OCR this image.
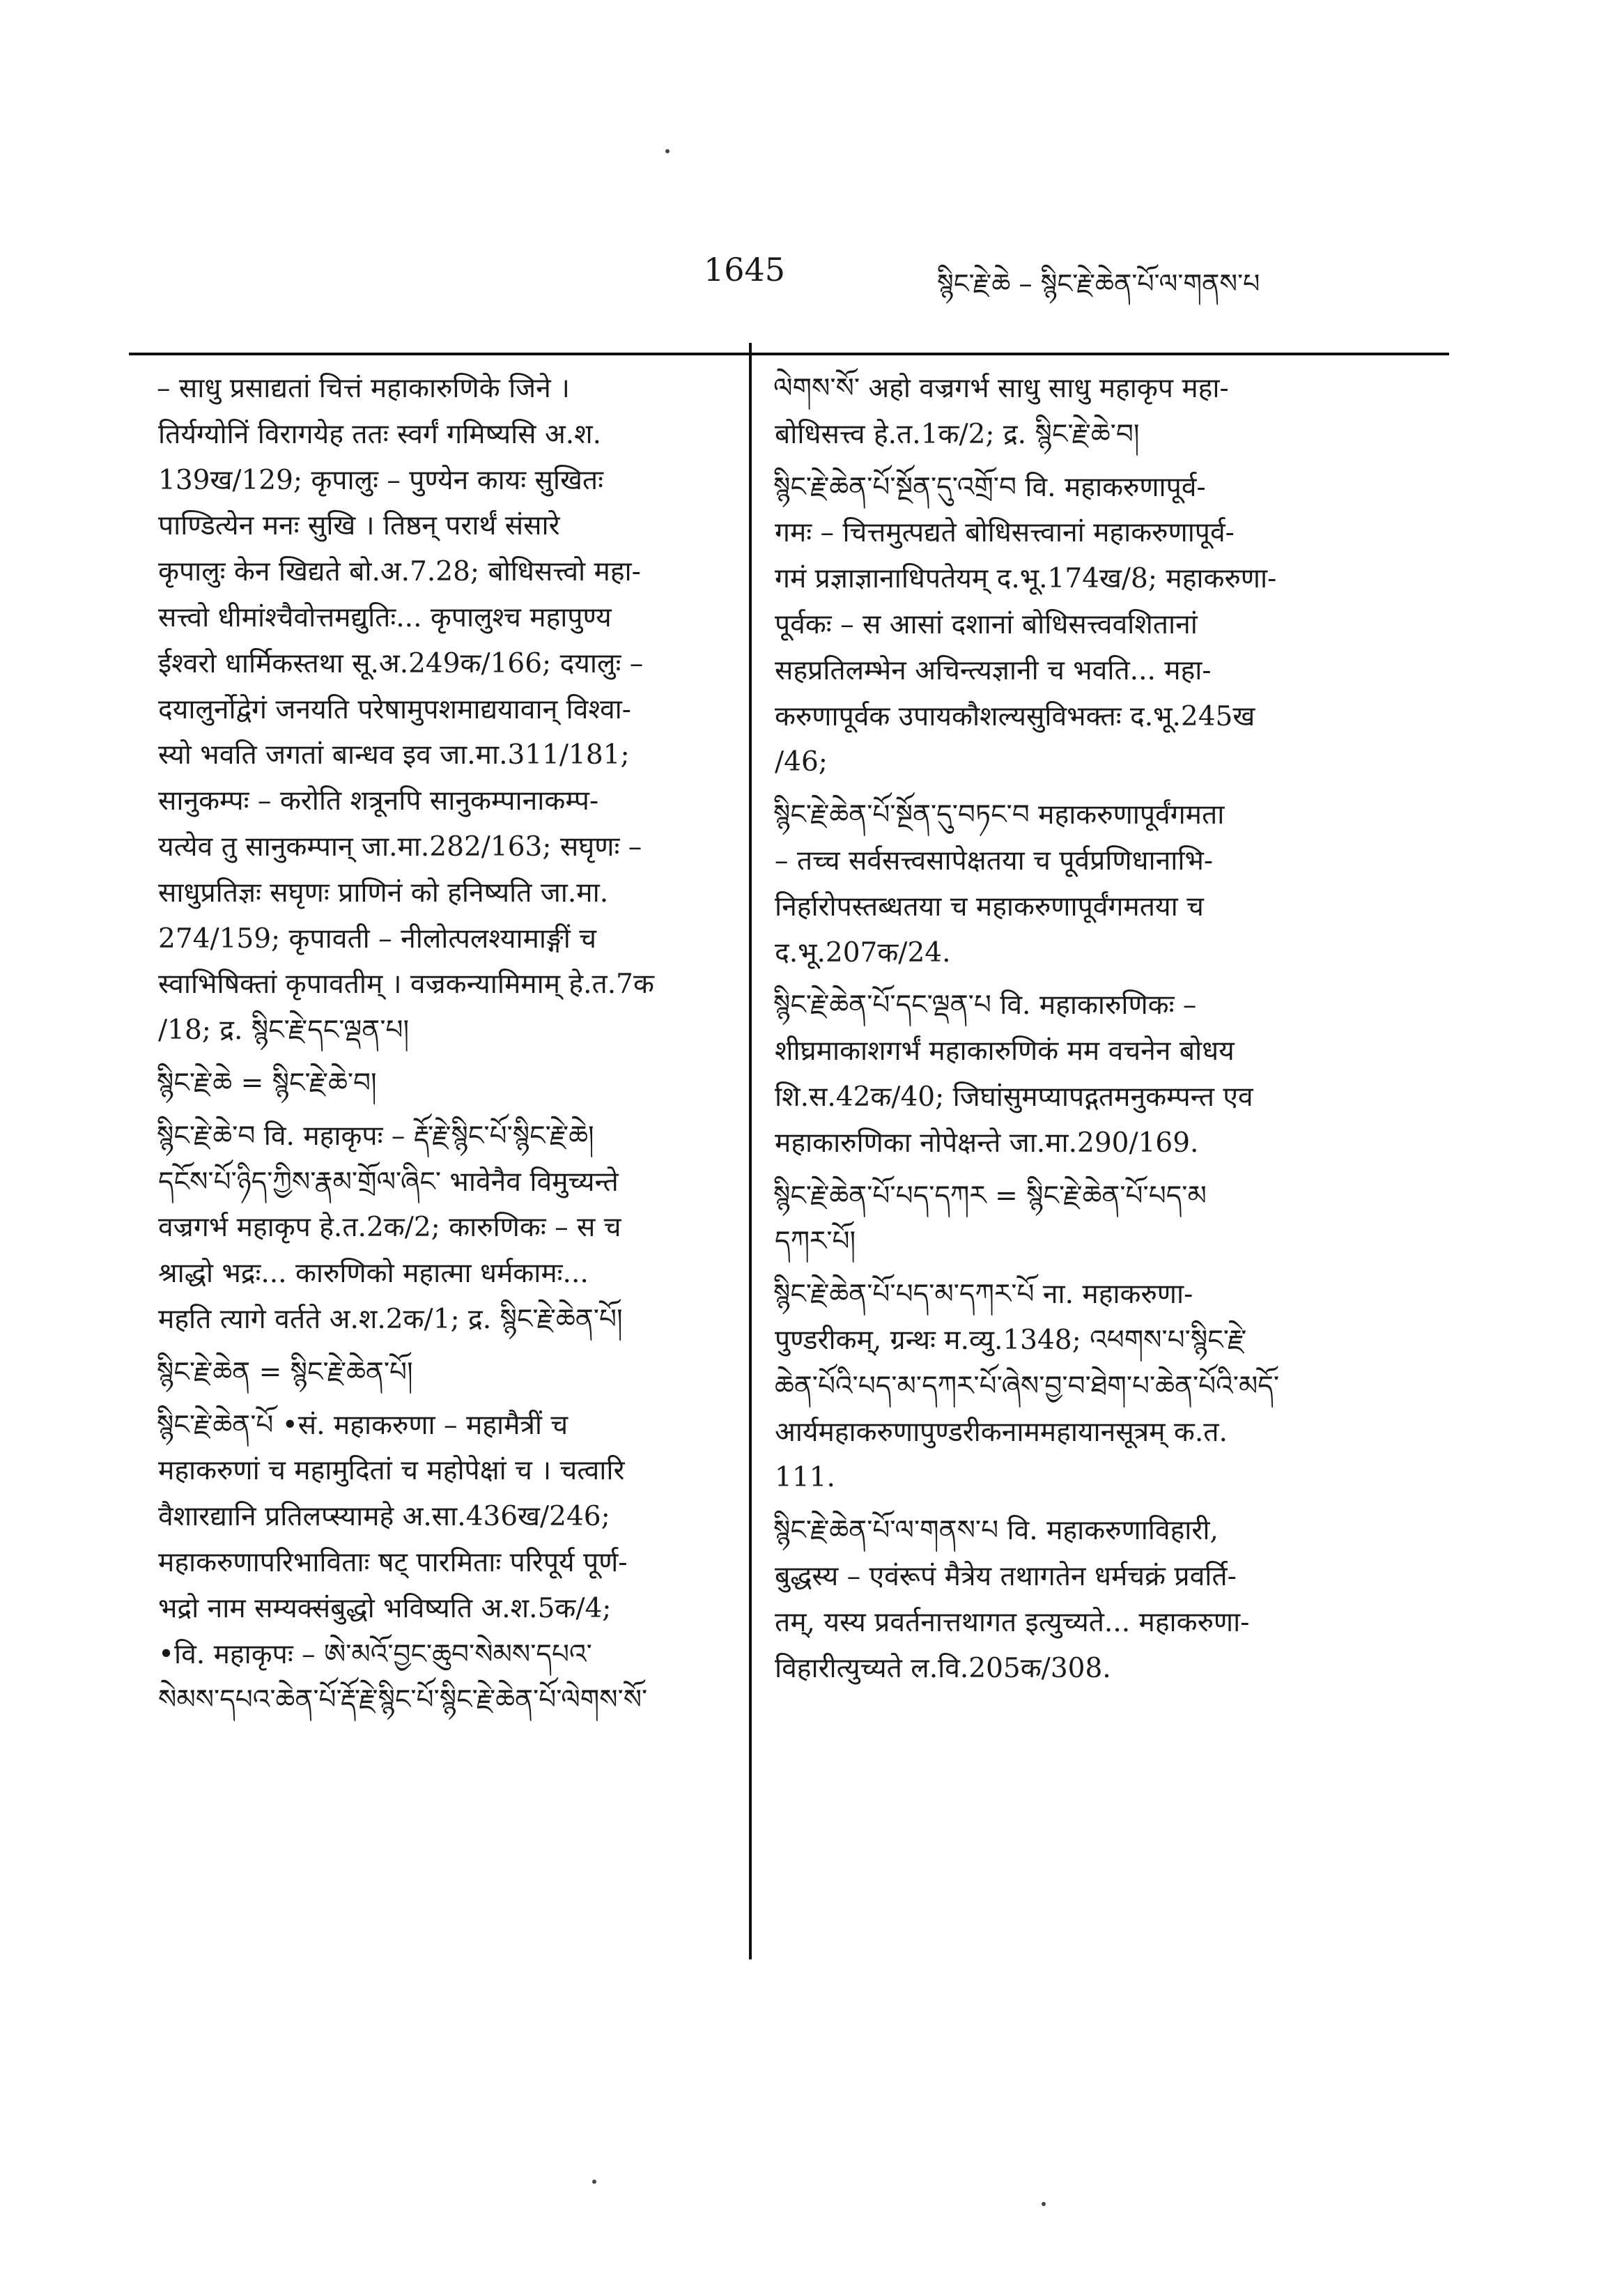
1645	སྙིང་རྗེ་ཆེ – སྙིང་རྗེ་ཆེན་པོ་ལ་གནས་པ
– साधु प्रसाद्यतां चित्तं महाकारुणिके जिने ।
तिर्यग्योनिं विरागयेह ततः स्वर्गं गमिष्यसि अ.श.
139ख/129; कृपालुः – पुण्येन कायः सुखितः
पाण्डित्येन मनः सुखि । तिष्ठन् परार्थं संसारे
कृपालुः केन खिद्यते बो.अ.7.28; बोधिसत्त्वो महा-
सत्त्वो धीमांश्चैवोत्तमद्युतिः... कृपालुश्च महापुण्य
ईश्वरो धार्मिकस्तथा सू.अ.249क/166; दयालुः –
दयालुर्नोद्वेगं जनयति परेषामुपशमाद्ययावान् विश्वा-
स्यो भवति जगतां बान्धव इव जा.मा.311/181;
सानुकम्पः – करोति शत्रूनपि सानुकम्पानाकम्प-
यत्येव तु सानुकम्पान् जा.मा.282/163; सघृणः –
साधुप्रतिज्ञः सघृणः प्राणिनं को हनिष्यति जा.मा.
274/159; कृपावती – नीलोत्पलश्यामाङ्गीं च
स्वाभिषिक्तां कृपावतीम् । वज्रकन्यामिमाम् हे.त.7क
/18; द्र. སྙིང་རྗེ་དང་ལྡན་པ།
སྙིང་རྗེ་ཆེ = སྙིང་རྗེ་ཆེ་བ།
སྙིང་རྗེ་ཆེ་བ वि. महाकृपः – རྡོ་རྗེ་སྙིང་པོ་སྙིང་རྗེ་ཆེ།
དངོས་པོ་ཉིད་ཀྱིས་རྣམ་གྲོལ་ཞིང་ भावेनैव विमुच्यन्ते
वज्रगर्भ महाकृप हे.त.2क/2; कारुणिकः – स च
श्राद्धो भद्रः... कारुणिको महात्मा धर्मकामः...
महति त्यागे वर्तते अ.श.2क/1; द्र. སྙིང་རྗེ་ཆེན་པོ།
སྙིང་རྗེ་ཆེན = སྙིང་རྗེ་ཆེན་པོ།
སྙིང་རྗེ་ཆེན་པོ •सं. महाकरुणा – महामैत्रीं च
महाकरुणां च महामुदितां च महोपेक्षां च । चत्वारि
वैशारद्यानि प्रतिलप्स्यामहे अ.सा.436ख/246;
महाकरुणापरिभाविताः षट् पारमिताः परिपूर्य पूर्ण-
भद्रो नाम सम्यक्संबुद्धो भविष्यति अ.श.5क/4;
•वि. महाकृपः – ཨེ་མའོ་བྱང་ཆུབ་སེམས་དཔའ་
སེམས་དཔའ་ཆེན་པོ་རྡོ་རྗེ་སྙིང་པོ་སྙིང་རྗེ་ཆེན་པོ་ལེགས་སོ་
ལེགས་སོ་ अहो वज्रगर्भ साधु साधु महाकृप महा-
बोधिसत्त्व हे.त.1क/2; द्र. སྙིང་རྗེ་ཆེ་བ།
སྙིང་རྗེ་ཆེན་པོ་སྔོན་དུ་འགྲོ་བ वि. महाकरुणापूर्व-
गमः – चित्तमुत्पद्यते बोधिसत्त्वानां महाकरुणापूर्व-
गमं प्रज्ञाज्ञानाधिपतेयम् द.भू.174ख/8; महाकरुणा-
पूर्वकः – स आसां दशानां बोधिसत्त्ववशितानां
सहप्रतिलम्भेन अचिन्त्यज्ञानी च भवति... महा-
करुणापूर्वक उपायकौशल्यसुविभक्तः द.भू.245ख
/46;
སྙིང་རྗེ་ཆེན་པོ་སྔོན་དུ་བཏང་བ महाकरुणापूर्वंगमता
– तच्च सर्वसत्त्वसापेक्षतया च पूर्वप्रणिधानाभि-
निर्हारोपस्तब्धतया च महाकरुणापूर्वंगमतया च
द.भू.207क/24.
སྙིང་རྗེ་ཆེན་པོ་དང་ལྡན་པ वि. महाकारुणिकः –
शीघ्रमाकाशगर्भं महाकारुणिकं मम वचनेन बोधय
शि.स.42क/40; जिघांसुमप्यापद्गतमनुकम्पन्त एव
महाकारुणिका नोपेक्षन्ते जा.मा.290/169.
སྙིང་རྗེ་ཆེན་པོ་པད་དཀར = སྙིང་རྗེ་ཆེན་པོ་པད་མ
དཀར་པོ།
སྙིང་རྗེ་ཆེན་པོ་པད་མ་དཀར་པོ ना. महाकरुणा-
पुण्डरीकम्, ग्रन्थः म.व्यु.1348; འཕགས་པ་སྙིང་རྗེ་
ཆེན་པོའི་པད་མ་དཀར་པོ་ཞེས་བྱ་བ་ཐེག་པ་ཆེན་པོའི་མདོ་
आर्यमहाकरुणापुण्डरीकनाममहायानसूत्रम् क.त.
111.
སྙིང་རྗེ་ཆེན་པོ་ལ་གནས་པ वि. महाकरुणाविहारी,
बुद्धस्य – एवंरूपं मैत्रेय तथागतेन धर्मचक्रं प्रवर्ति-
तम्, यस्य प्रवर्तनात्तथागत इत्युच्यते... महाकरुणा-
विहारीत्युच्यते ल.वि.205क/308.
